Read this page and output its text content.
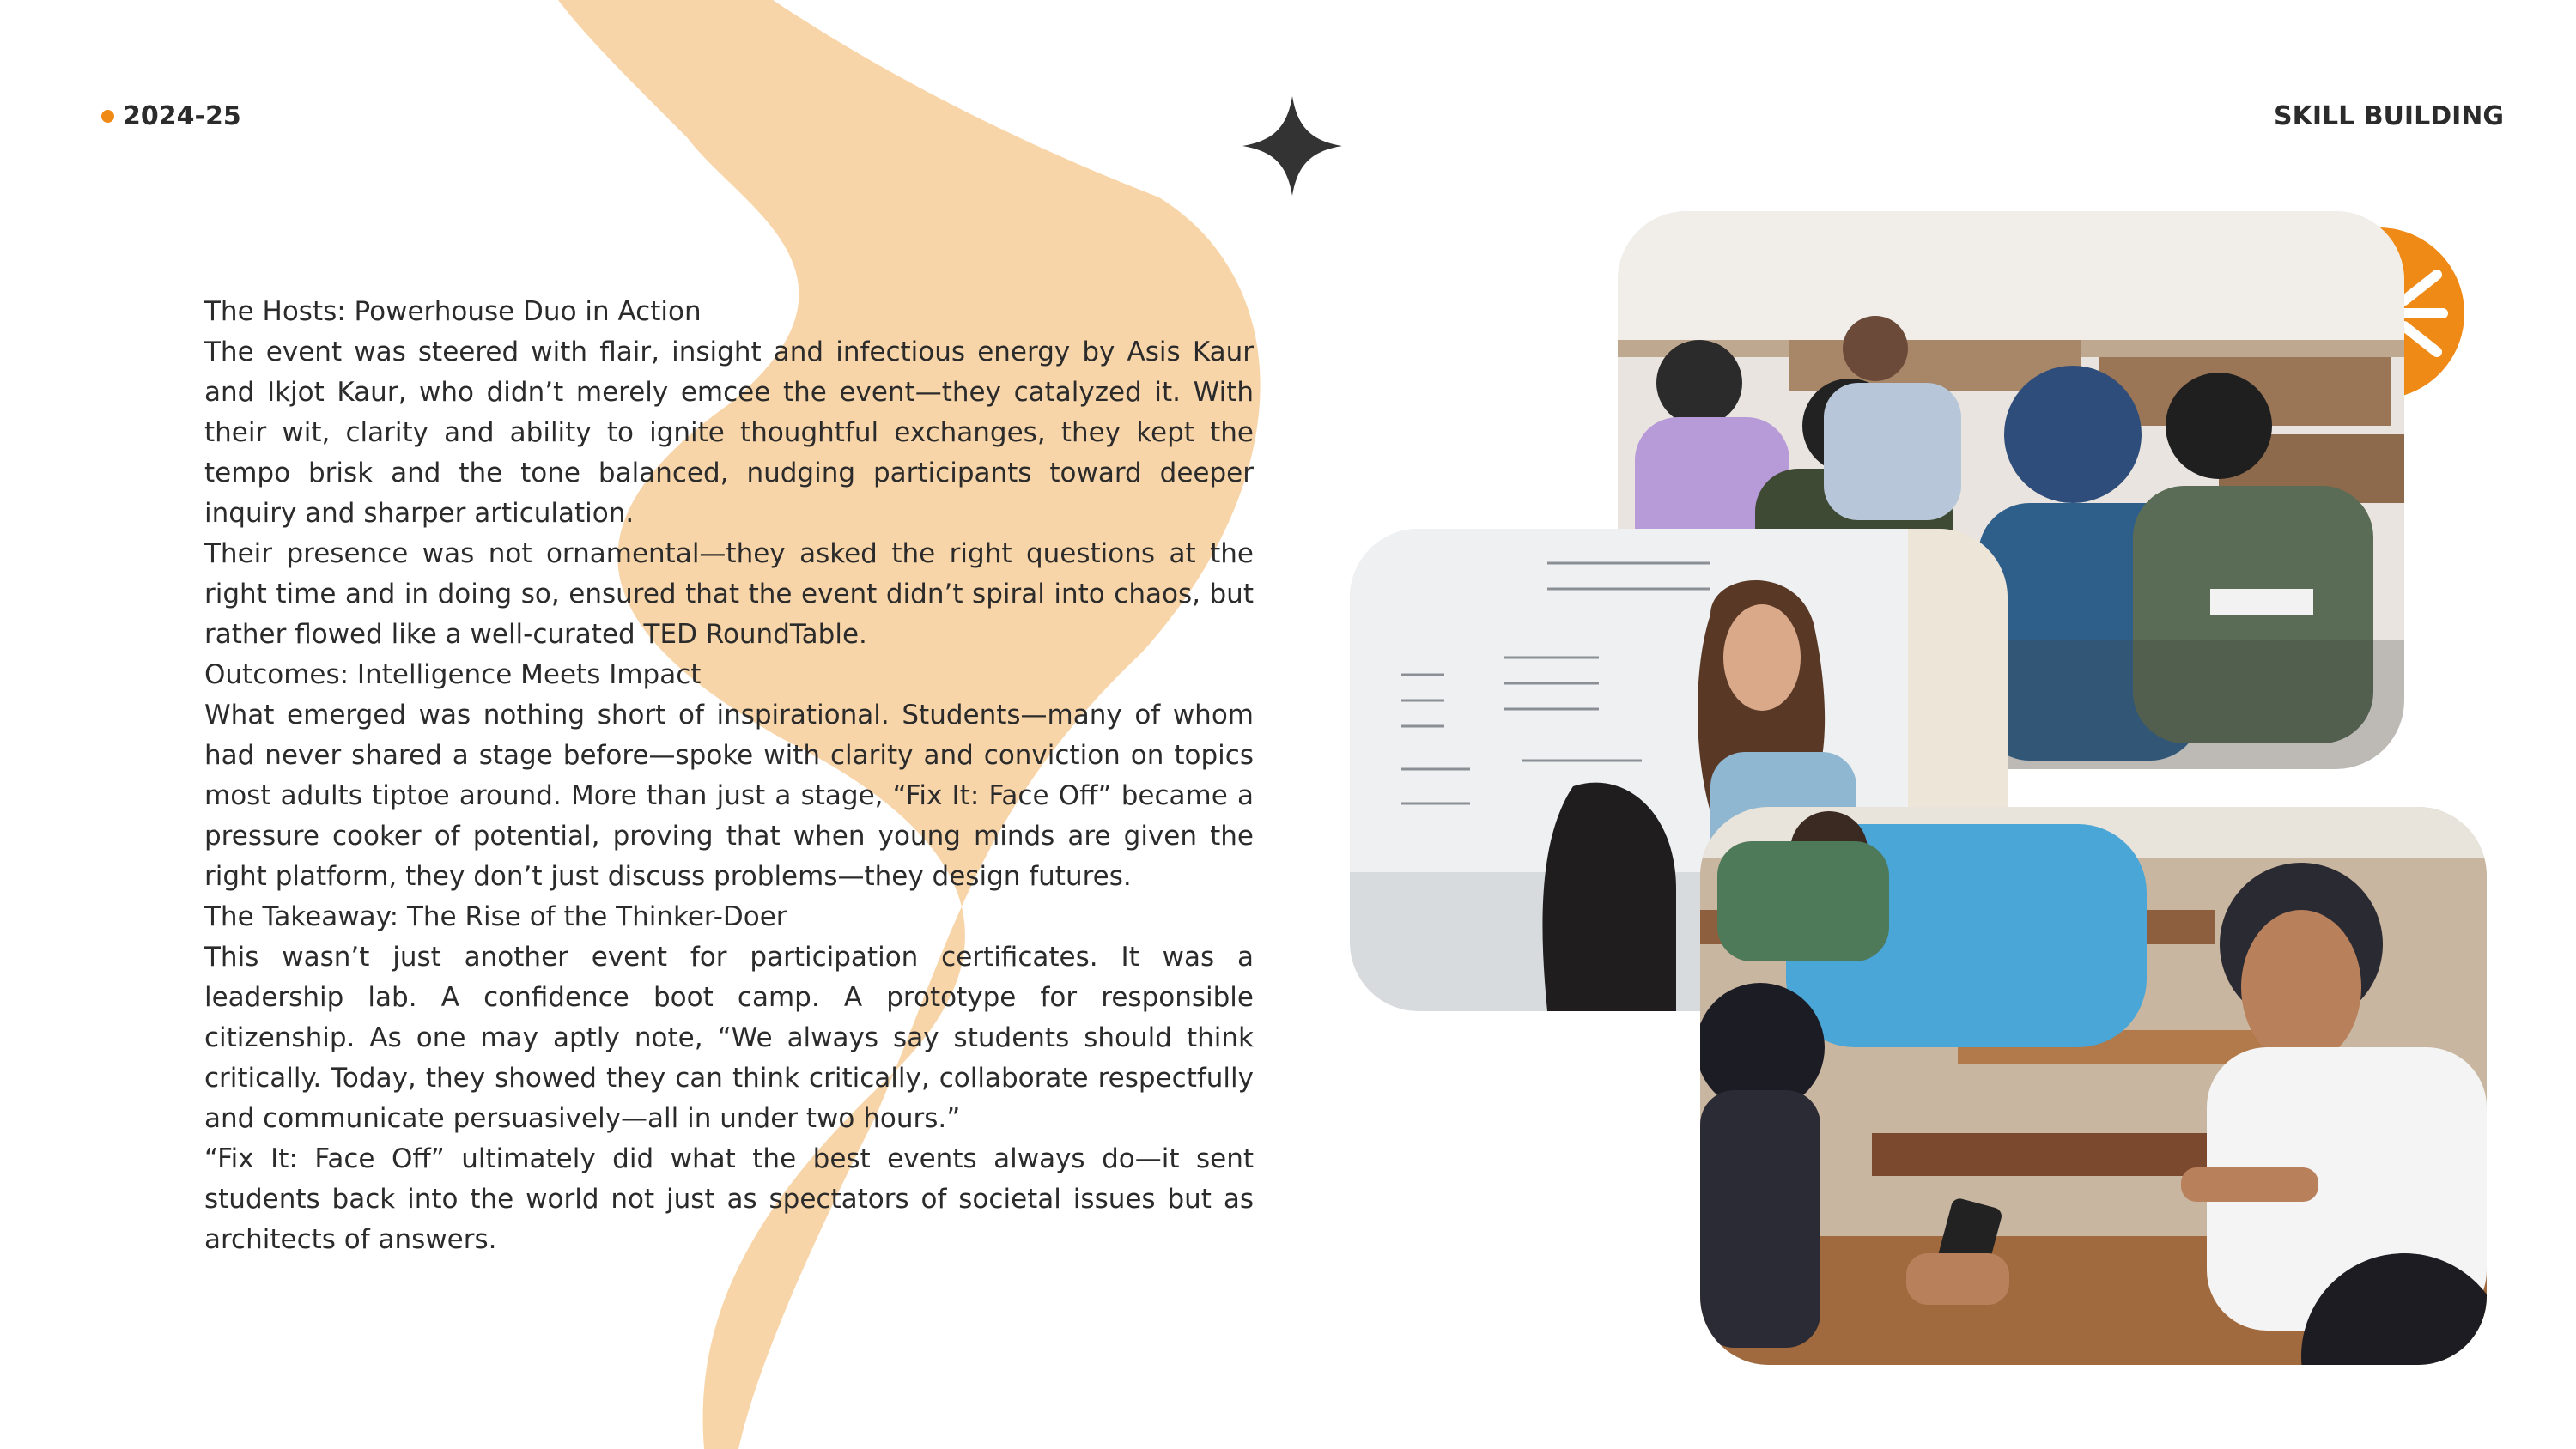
2024-25	SKILL BUILDING
The Hosts: Powerhouse Duo in Action

The event was steered with flair, insight and infectious energy by Asis Kaur and Ikjot Kaur, who didn’t merely emcee the event—they catalyzed it. With their wit, clarity and ability to ignite thoughtful exchanges, they kept the tempo brisk and the tone balanced, nudging participants toward deeper inquiry and sharper articulation.

Their presence was not ornamental—they asked the right questions at the right time and in doing so, ensured that the event didn’t spiral into chaos, but rather flowed like a well-curated TED RoundTable.

Outcomes: Intelligence Meets Impact

What emerged was nothing short of inspirational. Students—many of whom had never shared a stage before—spoke with clarity and conviction on topics most adults tiptoe around. More than just a stage, “Fix It: Face Off” became a pressure cooker of potential, proving that when young minds are given the right platform, they don’t just discuss problems—they design futures.

The Takeaway: The Rise of the Thinker-Doer

This wasn’t just another event for participation certificates. It was a leadership lab. A confidence boot camp. A prototype for responsible citizenship. As one may aptly note, “We always say students should think critically. Today, they showed they can think critically, collaborate respectfully and communicate persuasively—all in under two hours.”

“Fix It: Face Off” ultimately did what the best events always do—it sent students back into the world not just as spectators of societal issues but as architects of answers.
